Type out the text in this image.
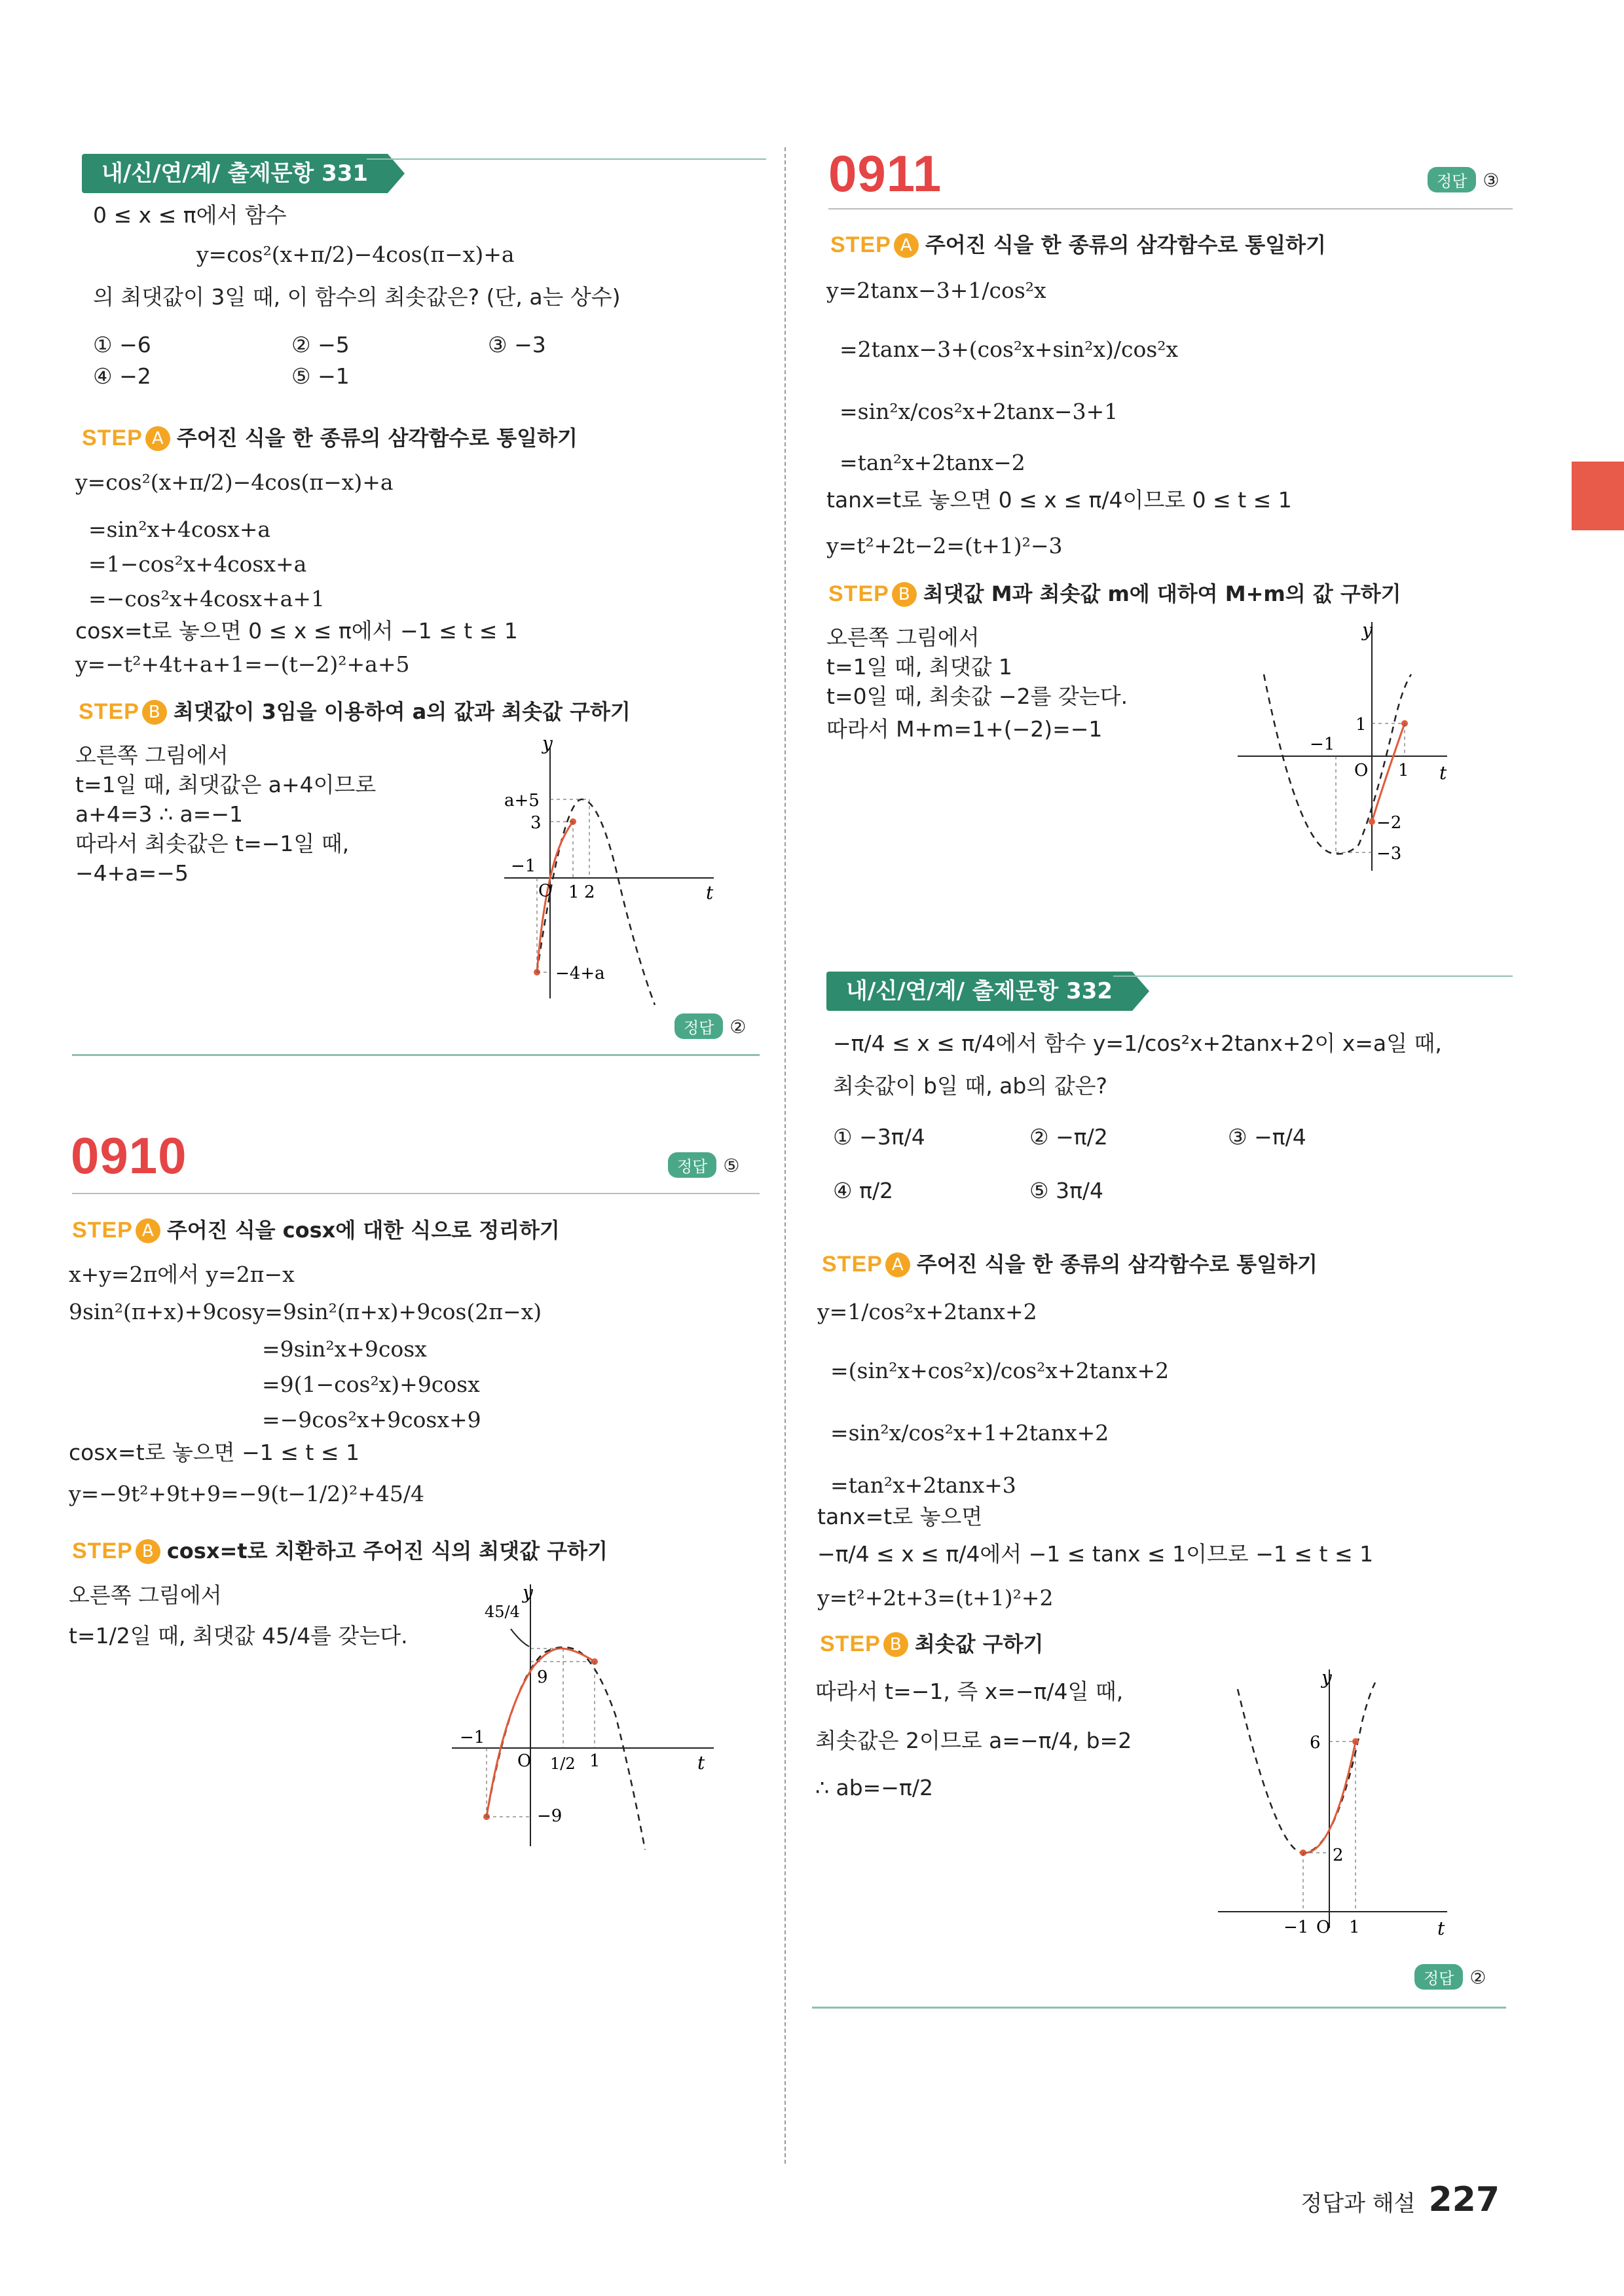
내/신/연/계/ 출제문항 331
0 ≤ x ≤ π에서 함수
y=cos²(x+π/2)−4cos(π−x)+a
의 최댓값이 3일 때, 이 함수의 최솟값은? (단, a는 상수)
① −6	② −5	③ −3
④ −2	⑤ −1
STEP A 주어진 식을 한 종류의 삼각함수로 통일하기
y=cos²(x+π/2)−4cos(π−x)+a
=sin²x+4cosx+a
=1−cos²x+4cosx+a
=−cos²x+4cosx+a+1
cosx=t로 놓으면 0 ≤ x ≤ π에서 −1 ≤ t ≤ 1
y=−t²+4t+a+1=−(t−2)²+a+5
STEP B 최댓값이 3임을 이용하여 a의 값과 최솟값 구하기
오른쪽 그림에서
t=1일 때, 최댓값은 a+4이므로
a+4=3 ∴ a=−1
따라서 최솟값은 t=−1일 때,
−4+a=−5
y
t
O
−1
1 2
3
a+5
−4+a
정답 ②
0910	정답 ⑤
STEP A 주어진 식을 cosx에 대한 식으로 정리하기
x+y=2π에서 y=2π−x
9sin²(π+x)+9cosy=9sin²(π+x)+9cos(2π−x)
=9sin²x+9cosx
=9(1−cos²x)+9cosx
=−9cos²x+9cosx+9
cosx=t로 놓으면 −1 ≤ t ≤ 1
y=−9t²+9t+9=−9(t−1/2)²+45/4
STEP B cosx=t로 치환하고 주어진 식의 최댓값 구하기
오른쪽 그림에서
t=1/2일 때, 최댓값 45/4를 갖는다.
y
t
O
−1
1
1/2
9
−9
45/4
0911	정답 ③
STEP A 주어진 식을 한 종류의 삼각함수로 통일하기
y=2tanx−3+1/cos²x
=2tanx−3+(cos²x+sin²x)/cos²x
=sin²x/cos²x+2tanx−3+1
=tan²x+2tanx−2
tanx=t로 놓으면 0 ≤ x ≤ π/4이므로 0 ≤ t ≤ 1
y=t²+2t−2=(t+1)²−3
STEP B 최댓값 M과 최솟값 m에 대하여 M+m의 값 구하기
오른쪽 그림에서
t=1일 때, 최댓값 1
t=0일 때, 최솟값 −2를 갖는다.
따라서 M+m=1+(−2)=−1
y
t
O
−1
1
1
−2
−3
내/신/연/계/ 출제문항 332
−π/4 ≤ x ≤ π/4에서 함수 y=1/cos²x+2tanx+2이 x=a일 때,
최솟값이 b일 때, ab의 값은?
① −3π/4	② −π/2	③ −π/4
④ π/2	⑤ 3π/4
STEP A 주어진 식을 한 종류의 삼각함수로 통일하기
y=1/cos²x+2tanx+2
=(sin²x+cos²x)/cos²x+2tanx+2
=sin²x/cos²x+1+2tanx+2
=tan²x+2tanx+3
tanx=t로 놓으면
−π/4 ≤ x ≤ π/4에서 −1 ≤ tanx ≤ 1이므로 −1 ≤ t ≤ 1
y=t²+2t+3=(t+1)²+2
STEP B 최솟값 구하기
따라서 t=−1, 즉 x=−π/4일 때,
최솟값은 2이므로 a=−π/4, b=2
∴ ab=−π/2
y
t
O
−1 1
2
6
정답 ②
정답과 해설 227
